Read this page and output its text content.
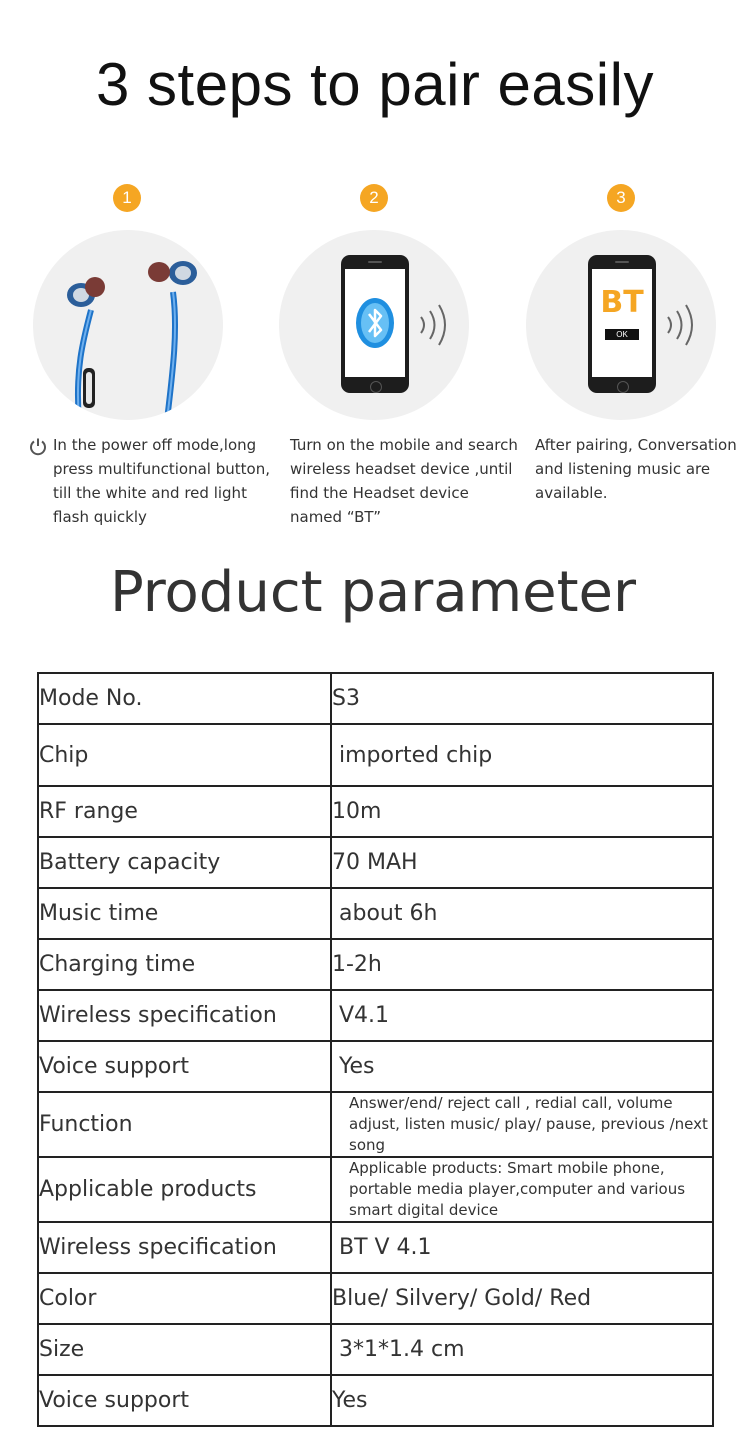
3 steps to pair easily
1
In the power off mode,long press multifunctional button, till the white and red light flash quickly
2
Turn on the mobile and search wireless headset device ,until find the Headset device named “BT”
3
BT
OK
After pairing, Conversation and listening music are available.
Product parameter
Mode No.	S3
Chip	imported chip
RF range	10m
Battery capacity	70 MAH
Music time	about 6h
Charging time	1-2h
Wireless specification	V4.1
Voice support	Yes
Function	Answer/end/ reject call , redial call, volume adjust, listen music/ play/ pause, previous /next song
Applicable products	Applicable products: Smart mobile phone, portable media player,computer and various smart digital device
Wireless specification	BT V 4.1
Color	Blue/ Silvery/ Gold/ Red
Size	3*1*1.4 cm
Voice support	Yes
